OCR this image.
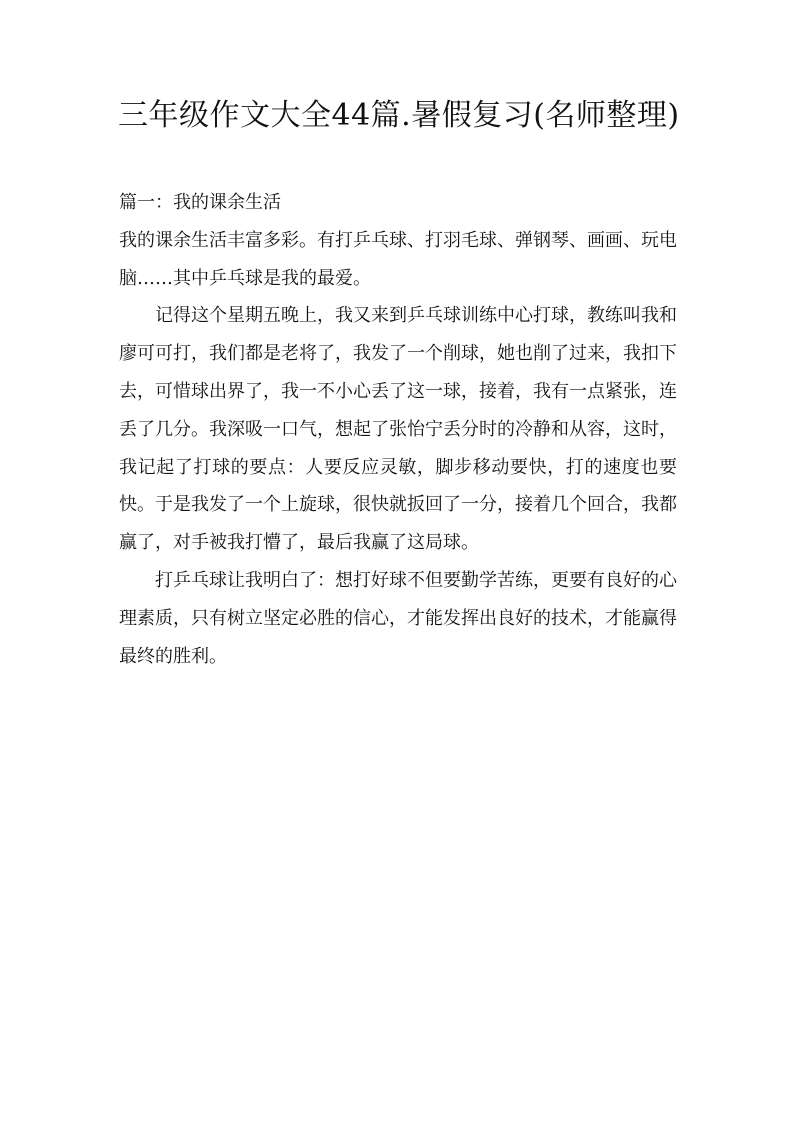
三年级作文大全44篇.暑假复习(名师整理)
篇一：我的课余生活

我的课余生活丰富多彩。有打乒乓球、打羽毛球、弹钢琴、画画、玩电脑……其中乒乓球是我的最爱。

记得这个星期五晚上，我又来到乒乓球训练中心打球，教练叫我和廖可可打，我们都是老将了，我发了一个削球，她也削了过来，我扣下去，可惜球出界了，我一不小心丢了这一球，接着，我有一点紧张，连丢了几分。我深吸一口气，想起了张怡宁丢分时的冷静和从容，这时，我记起了打球的要点：人要反应灵敏，脚步移动要快，打的速度也要快。于是我发了一个上旋球，很快就扳回了一分，接着几个回合，我都赢了，对手被我打懵了，最后我赢了这局球。

打乒乓球让我明白了：想打好球不但要勤学苦练，更要有良好的心理素质，只有树立坚定必胜的信心，才能发挥出良好的技术，才能赢得最终的胜利。
